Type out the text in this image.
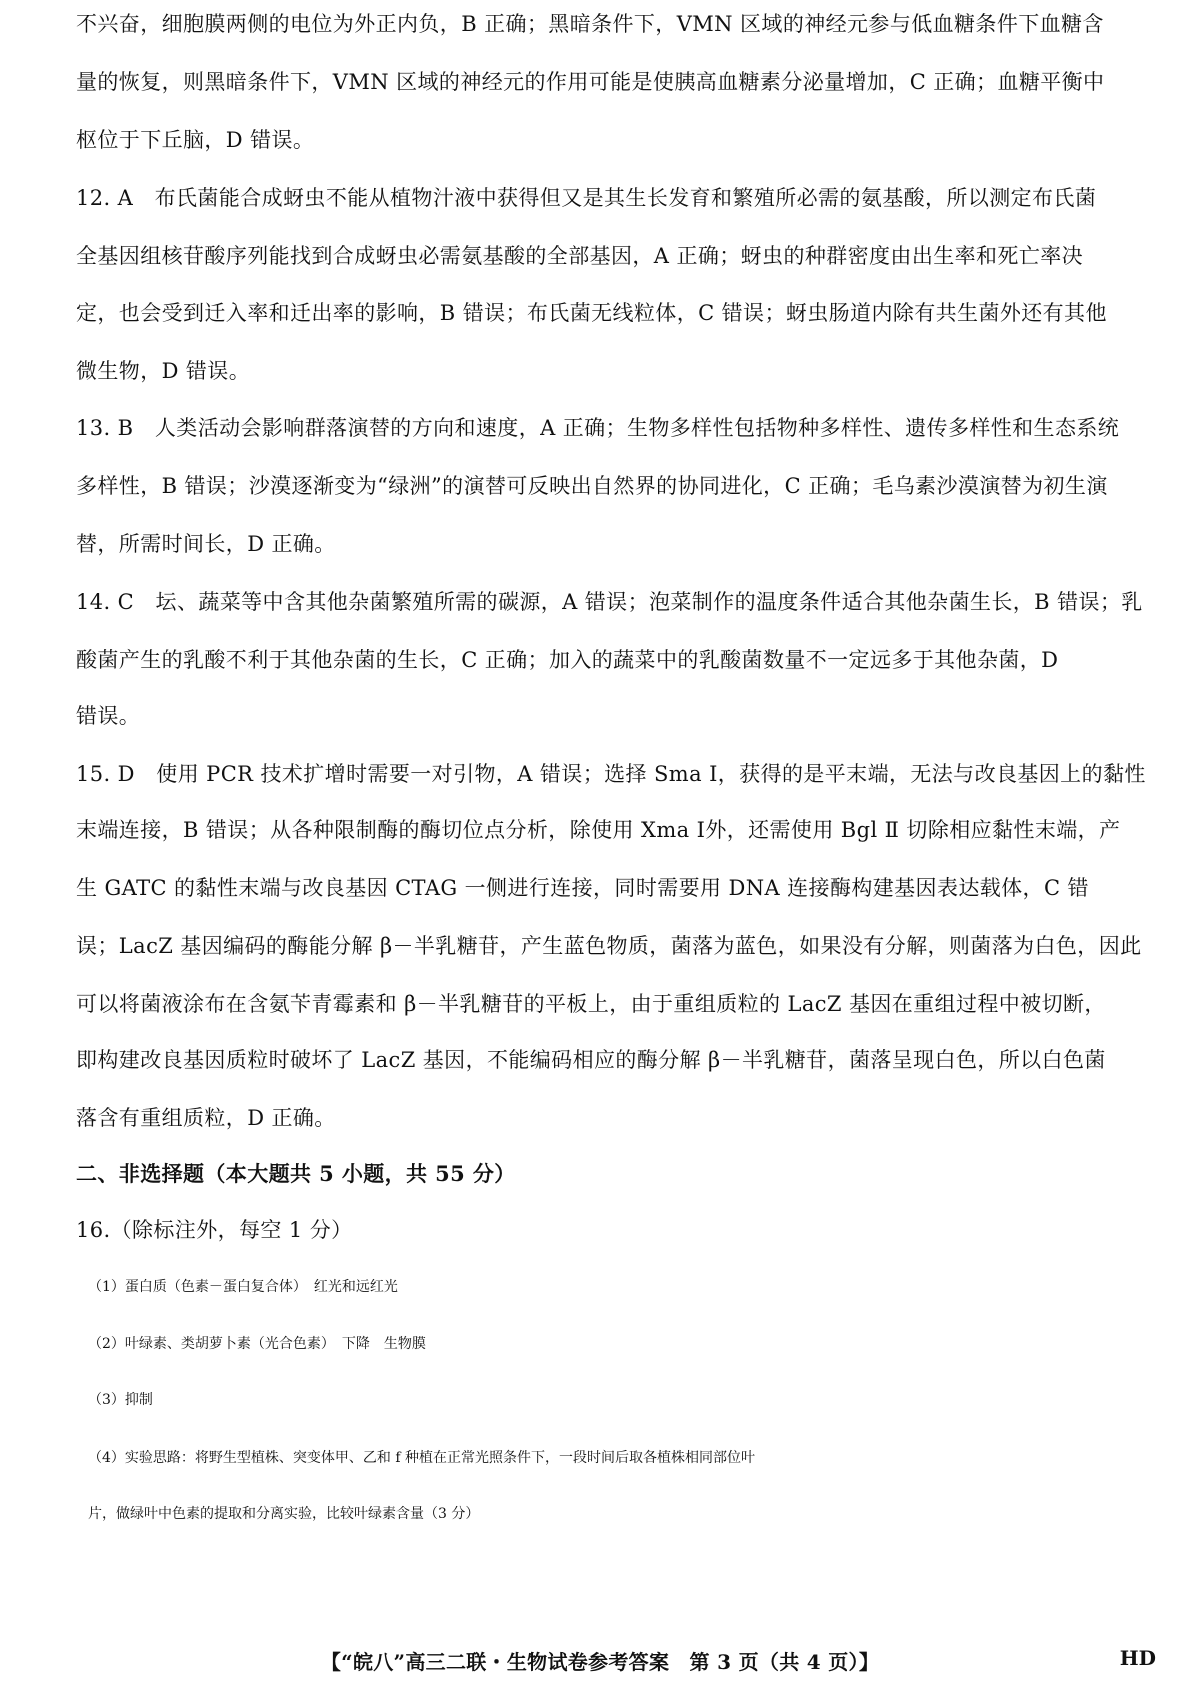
不兴奋，细胞膜两侧的电位为外正内负，B 正确；黑暗条件下，VMN 区域的神经元参与低血糖条件下血糖含
量的恢复，则黑暗条件下，VMN 区域的神经元的作用可能是使胰高血糖素分泌量增加，C 正确；血糖平衡中
枢位于下丘脑，D 错误。
12. A　布氏菌能合成蚜虫不能从植物汁液中获得但又是其生长发育和繁殖所必需的氨基酸，所以测定布氏菌
全基因组核苷酸序列能找到合成蚜虫必需氨基酸的全部基因，A 正确；蚜虫的种群密度由出生率和死亡率决
定，也会受到迁入率和迁出率的影响，B 错误；布氏菌无线粒体，C 错误；蚜虫肠道内除有共生菌外还有其他
微生物，D 错误。
13. B　人类活动会影响群落演替的方向和速度，A 正确；生物多样性包括物种多样性、遗传多样性和生态系统
多样性，B 错误；沙漠逐渐变为“绿洲”的演替可反映出自然界的协同进化，C 正确；毛乌素沙漠演替为初生演
替，所需时间长，D 正确。
14. C　坛、蔬菜等中含其他杂菌繁殖所需的碳源，A 错误；泡菜制作的温度条件适合其他杂菌生长，B 错误；乳
酸菌产生的乳酸不利于其他杂菌的生长，C 正确；加入的蔬菜中的乳酸菌数量不一定远多于其他杂菌，D
错误。
15. D　使用 PCR 技术扩增时需要一对引物，A 错误；选择 Sma Ⅰ，获得的是平末端，无法与改良基因上的黏性
末端连接，B 错误；从各种限制酶的酶切位点分析，除使用 Xma Ⅰ外，还需使用 Bgl Ⅱ 切除相应黏性末端，产
生 GATC 的黏性末端与改良基因 CTAG 一侧进行连接，同时需要用 DNA 连接酶构建基因表达载体，C 错
误；LacZ 基因编码的酶能分解 β－半乳糖苷，产生蓝色物质，菌落为蓝色，如果没有分解，则菌落为白色，因此
可以将菌液涂布在含氨苄青霉素和 β－半乳糖苷的平板上，由于重组质粒的 LacZ 基因在重组过程中被切断，
即构建改良基因质粒时破坏了 LacZ 基因，不能编码相应的酶分解 β－半乳糖苷，菌落呈现白色，所以白色菌
落含有重组质粒，D 正确。
二、非选择题（本大题共 5 小题，共 55 分）
16.（除标注外，每空 1 分）
（1）蛋白质（色素－蛋白复合体）　红光和远红光
（2）叶绿素、类胡萝卜素（光合色素）　下降　生物膜
（3）抑制
（4）实验思路：将野生型植株、突变体甲、乙和 f 种植在正常光照条件下，一段时间后取各植株相同部位叶
片，做绿叶中色素的提取和分离实验，比较叶绿素含量（3 分）
【“皖八”高三二联・生物试卷参考答案　第 3 页（共 4 页）】	HD
